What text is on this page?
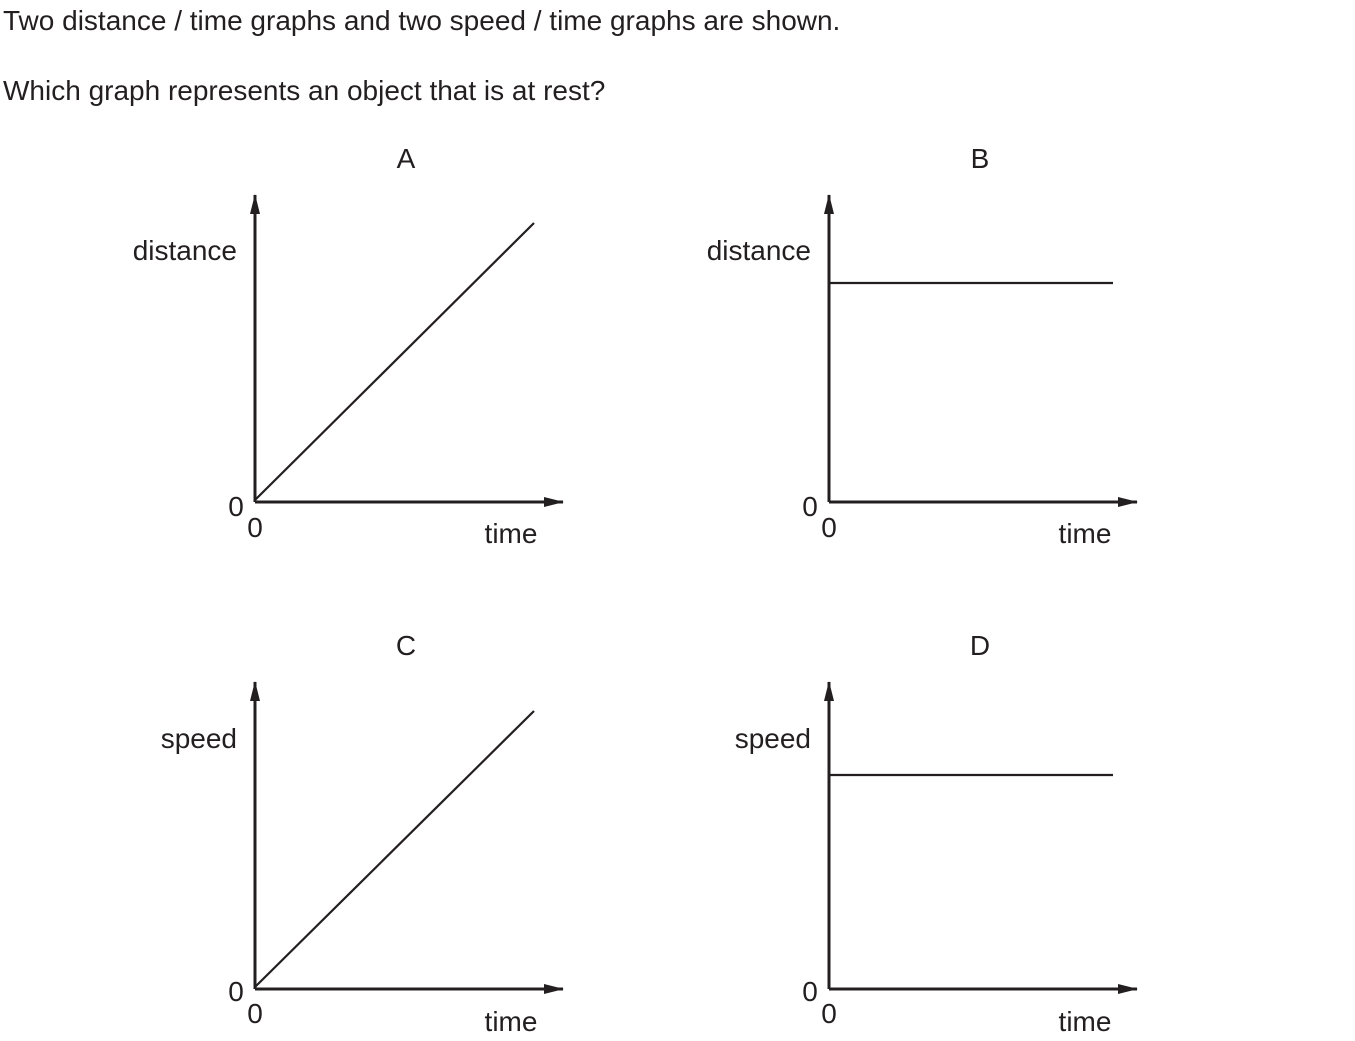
Two distance / time graphs and two speed / time graphs are shown.
Which graph represents an object that is at rest?
A
distance
time
0
0
B
distance
time
0
0
C
speed
time
0
0
D
speed
time
0
0
